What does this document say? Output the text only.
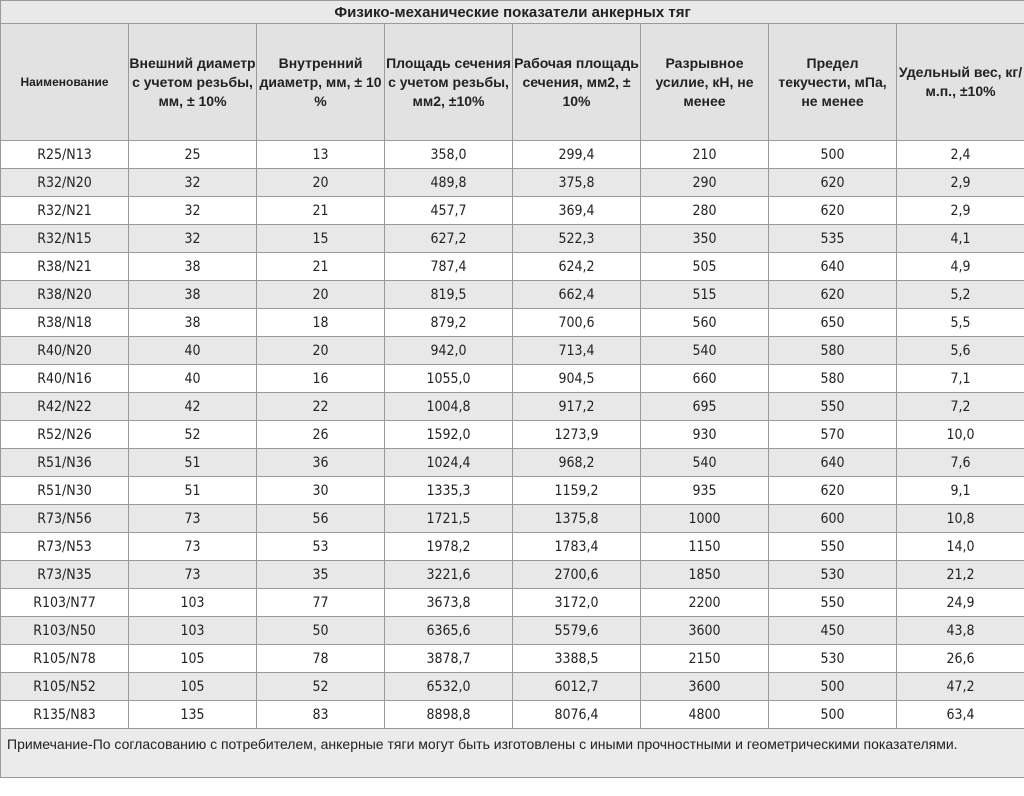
Физико-механические показатели анкерных тяг							
Наименование	Внешний диаметр с учетом резьбы, мм, ± 10%	Внутренний диаметр, мм, ± 10 %	Площадь сечения с учетом резьбы, мм2, ±10%	Рабочая площадь сечения, мм2, ± 10%	Разрывное усилие, кН, не менее	Предел текучести, мПа, не менее	Удельный вес, кг/м.п., ±10%
R25/N13	25	13	358,0	299,4	210	500	2,4
R32/N20	32	20	489,8	375,8	290	620	2,9
R32/N21	32	21	457,7	369,4	280	620	2,9
R32/N15	32	15	627,2	522,3	350	535	4,1
R38/N21	38	21	787,4	624,2	505	640	4,9
R38/N20	38	20	819,5	662,4	515	620	5,2
R38/N18	38	18	879,2	700,6	560	650	5,5
R40/N20	40	20	942,0	713,4	540	580	5,6
R40/N16	40	16	1055,0	904,5	660	580	7,1
R42/N22	42	22	1004,8	917,2	695	550	7,2
R52/N26	52	26	1592,0	1273,9	930	570	10,0
R51/N36	51	36	1024,4	968,2	540	640	7,6
R51/N30	51	30	1335,3	1159,2	935	620	9,1
R73/N56	73	56	1721,5	1375,8	1000	600	10,8
R73/N53	73	53	1978,2	1783,4	1150	550	14,0
R73/N35	73	35	3221,6	2700,6	1850	530	21,2
R103/N77	103	77	3673,8	3172,0	2200	550	24,9
R103/N50	103	50	6365,6	5579,6	3600	450	43,8
R105/N78	105	78	3878,7	3388,5	2150	530	26,6
R105/N52	105	52	6532,0	6012,7	3600	500	47,2
R135/N83	135	83	8898,8	8076,4	4800	500	63,4
Примечание-По согласованию с потребителем, анкерные тяги могут быть изготовлены с иными прочностными и геометрическими показателями.							
